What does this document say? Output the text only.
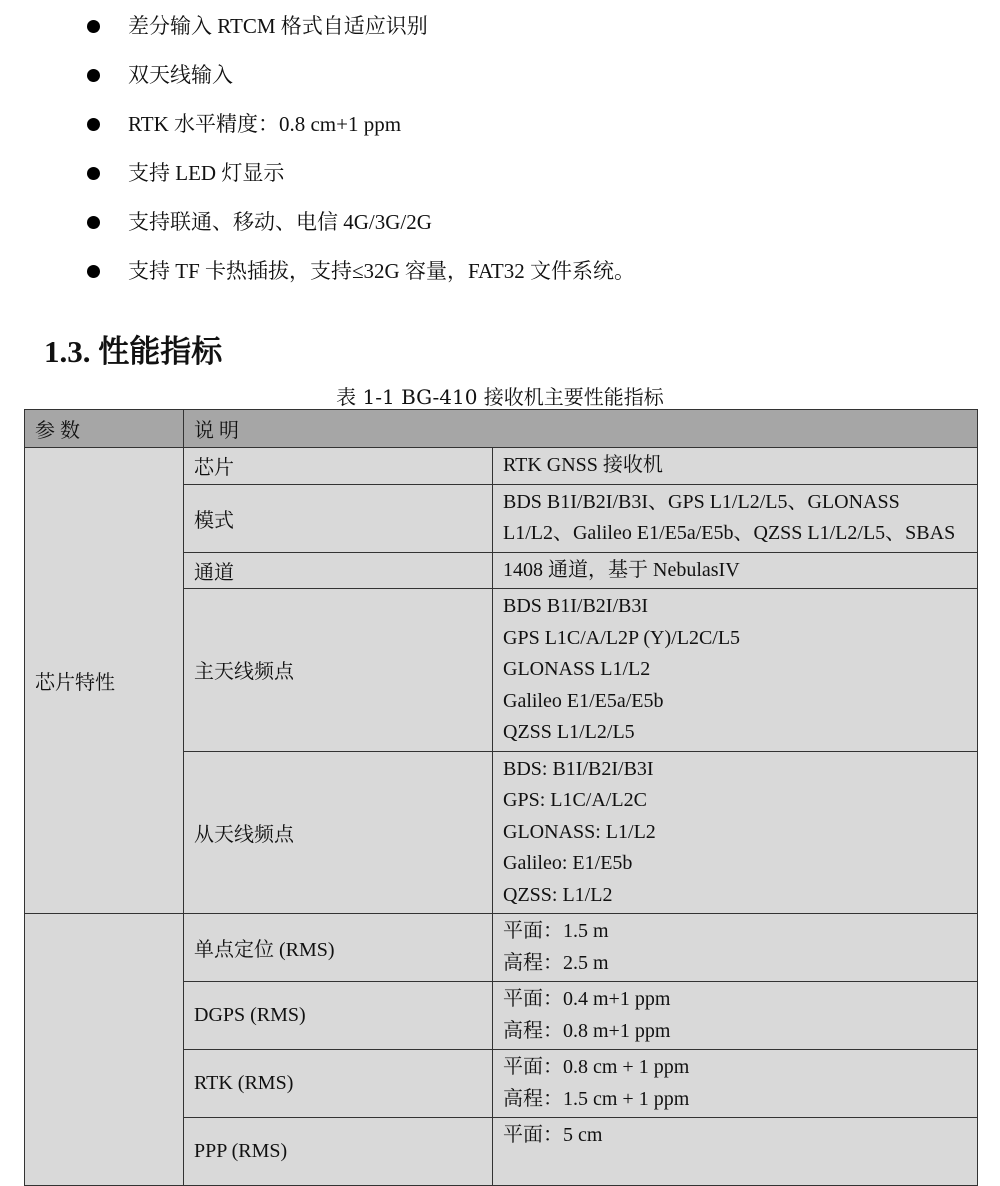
差分输入 RTCM 格式自适应识别
双天线输入
RTK 水平精度：0.8 cm+1 ppm
支持 LED 灯显示
支持联通、移动、电信 4G/3G/2G
支持 TF 卡热插拔，支持≤32G 容量，FAT32 文件系统。
1.3. 性能指标
表 1-1 BG-410 接收机主要性能指标
参 数	说 明	
芯片特性	芯片	RTK GNSS 接收机

	模式	BDS B1I/B2I/B3I、GPS L1/L2/L5、GLONASS
L1/L2、Galileo E1/E5a/E5b、QZSS L1/L2/L5、SBAS

	通道	1408 通道，基于 NebulasIV

	主天线频点	BDS B1I/B2I/B3I
GPS L1C/A/L2P (Y)/L2C/L5
GLONASS L1/L2
Galileo E1/E5a/E5b
QZSS L1/L2/L5

	从天线频点	BDS: B1I/B2I/B3I
GPS: L1C/A/L2C
GLONASS: L1/L2
Galileo: E1/E5b
QZSS: L1/L2

	单点定位 (RMS)	平面：1.5 m
高程：2.5 m

	DGPS (RMS)	平面：0.4 m+1 ppm
高程：0.8 m+1 ppm

	RTK (RMS)	平面：0.8 cm + 1 ppm
高程：1.5 cm + 1 ppm

	PPP (RMS)	平面：5 cm
